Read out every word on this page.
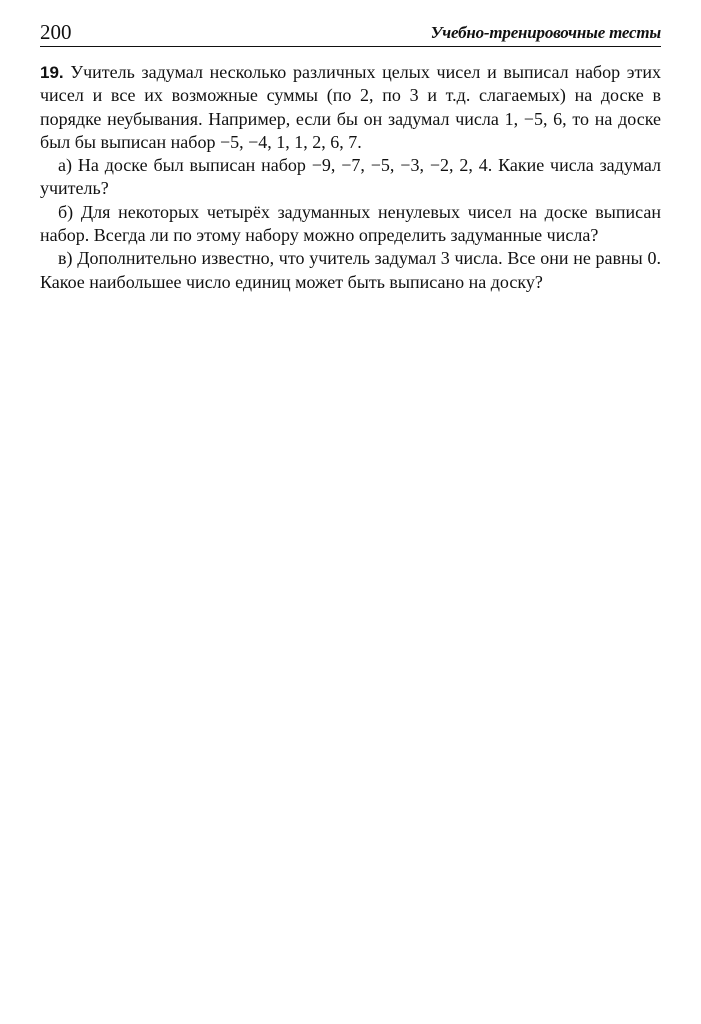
200	Учебно-тренировочные тесты

19. Учитель задумал несколько различных целых чисел и выписал набор этих чисел и все их возможные суммы (по 2, по 3 и т.д. слагаемых) на доске в порядке неубывания. Например, если бы он задумал числа 1, −5, 6, то на доске был бы выписан набор −5, −4, 1, 1, 2, 6, 7.

а) На доске был выписан набор −9, −7, −5, −3, −2, 2, 4. Какие числа задумал учитель?

б) Для некоторых четырёх задуманных ненулевых чисел на доске выписан набор. Всегда ли по этому набору можно определить задуманные числа?

в) Дополнительно известно, что учитель задумал 3 числа. Все они не равны 0. Какое наибольшее число единиц может быть выписано на доску?
